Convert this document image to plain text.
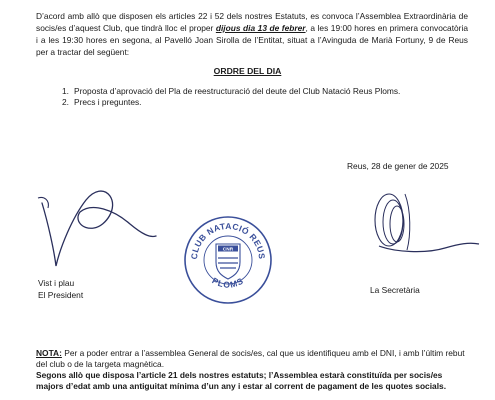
D’acord amb allò que disposen els articles 22 i 52 dels nostres Estatuts, es convoca l’Assemblea Extraordinària de socis/es d’aquest Club, que tindrà lloc el proper dijous dia 13 de febrer, a les 19:00 hores en primera convocatòria i a les 19:30 hores en segona, al Pavelló Joan Sirolla de l’Entitat, situat a l’Avinguda de Marià Fortuny, 9 de Reus per a tractar del següent:
ORDRE DEL DIA
1. Proposta d’aprovació del Pla de reestructuració del deute del Club Natació Reus Ploms.
2. Precs i preguntes.
Reus, 28 de gener de 2025
CLUB NATACIÓ REUS
PLOMS
CNR
Vist i plau
El President	La Secretària
NOTA: Per a poder entrar a l’assemblea General de socis/es, cal que us identifiqueu amb el DNI, i amb l’últim rebut del club o de la targeta magnètica.
Segons allò que disposa l’article 21 dels nostres estatuts; l’Assemblea estarà constituïda per socis/es majors d’edat amb una antiguitat mínima d’un any i estar al corrent de pagament de les quotes socials.
